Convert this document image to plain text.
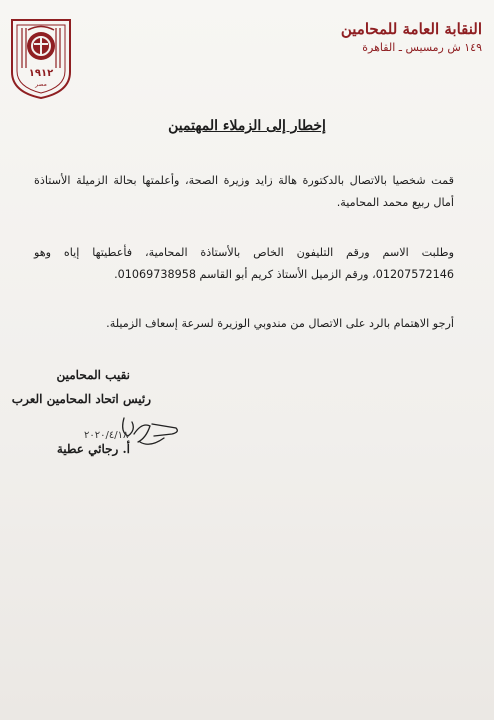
١٩١٢
مصر
النقابة العامة للمحامين
١٤٩ ش رمسيس ـ القاهرة
إخطار إلى الزملاء المهتمين
قمت شخصيا بالاتصال بالدكتورة هالة زايد وزيرة الصحة، وأعلمتها بحالة الزميلة الأستاذة أمال ربيع محمد المحامية.
وطلبت الاسم ورقم التليفون الخاص بالأستاذة المحامية، فأعطيتها إياه وهو 01207572146، ورقم الزميل الأستاذ كريم أبو القاسم 01069738958.
أرجو الاهتمام بالرد على الاتصال من مندوبي الوزيرة لسرعة إسعاف الزميلة.
نقيب المحامين
رئيس اتحاد المحامين العرب
٢٠٢٠/٤/١٨
أ. رجائي عطية
